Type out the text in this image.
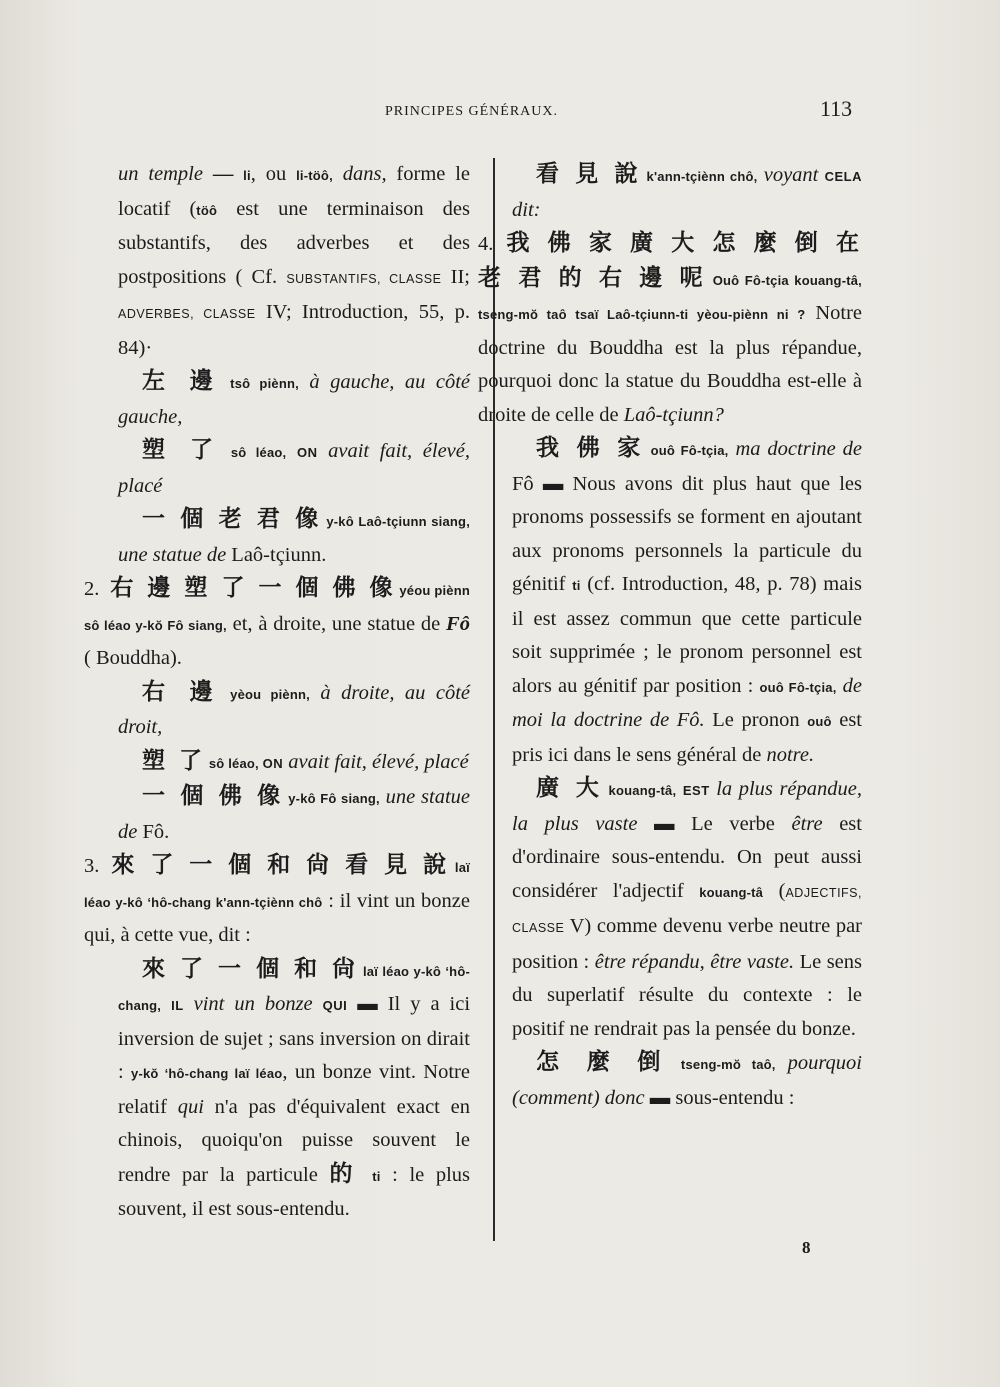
PRINCIPES GÉNÉRAUX.	113

un temple — li, ou li-töô, dans, forme le locatif (töô est une terminaison des substantifs, des adverbes et des postpositions ( Cf. SUBSTANTIFS, CLASSE II; ADVERBES, CLASSE IV; Introduction, 55, p. 84)·

左 邊 tsô piènn, à gauche, au côté gauche,

塑 了 sô léao, ON avait fait, élevé, placé

一 個 老 君 像 y-kô Laô-tçiunn siang, une statue de Laô-tçiunn.

2. 右 邊 塑 了 一 個 佛 像 yéou piènn sô léao y-kŏ Fô siang, et, à droite, une statue de Fô ( Bouddha).

右 邊 yèou piènn, à droite, au côté droit,

塑 了 sô léao, ON avait fait, élevé, placé

一 個 佛 像 y-kô Fô siang, une statue de Fô.

3. 來 了 一 個 和 尙 看 見 說 laï léao y-kô ‘hô-chang k'ann-tçiènn chô : il vint un bonze qui, à cette vue, dit :

來 了 一 個 和 尙 laï léao y-kô ‘hô-chang, IL vint un bonze QUI ▬ Il y a ici inversion de sujet ; sans inversion on dirait : y-kŏ ‘hô-chang laï léao, un bonze vint. Notre relatif qui n'a pas d'équivalent exact en chinois, quoiqu'on puisse souvent le rendre par la particule 的 ti : le plus souvent, il est sous-entendu.

看 見 說 k'ann-tçiènn chô, voyant CELA dit:

4. 我 佛 家 廣 大 怎 麼 倒 在 老 君 的 右 邊 呢 Ouô Fô-tçia kouang-tâ, tseng-mŏ taô tsaï Laô-tçiunn-ti yèou-piènn ni ? Notre doctrine du Bouddha est la plus répandue, pourquoi donc la statue du Bouddha est-elle à droite de celle de Laô-tçiunn?

我 佛 家 ouô Fô-tçia, ma doctrine de Fô ▬ Nous avons dit plus haut que les pronoms possessifs se forment en ajoutant aux pronoms personnels la particule du génitif ti (cf. Introduction, 48, p. 78) mais il est assez commun que cette particule soit supprimée ; le pronom personnel est alors au génitif par position : ouô Fô-tçia, de moi la doctrine de Fô. Le pronon ouô est pris ici dans le sens général de notre.

廣 大 kouang-tâ, EST la plus répandue, la plus vaste ▬ Le verbe être est d'ordinaire sous-entendu. On peut aussi considérer l'adjectif kouang-tâ (ADJECTIFS, CLASSE V) comme devenu verbe neutre par position : être répandu, être vaste. Le sens du superlatif résulte du contexte : le positif ne rendrait pas la pensée du bonze.

怎 麼 倒 tseng-mŏ taô, pourquoi (comment) donc ▬ sous-entendu :

8
